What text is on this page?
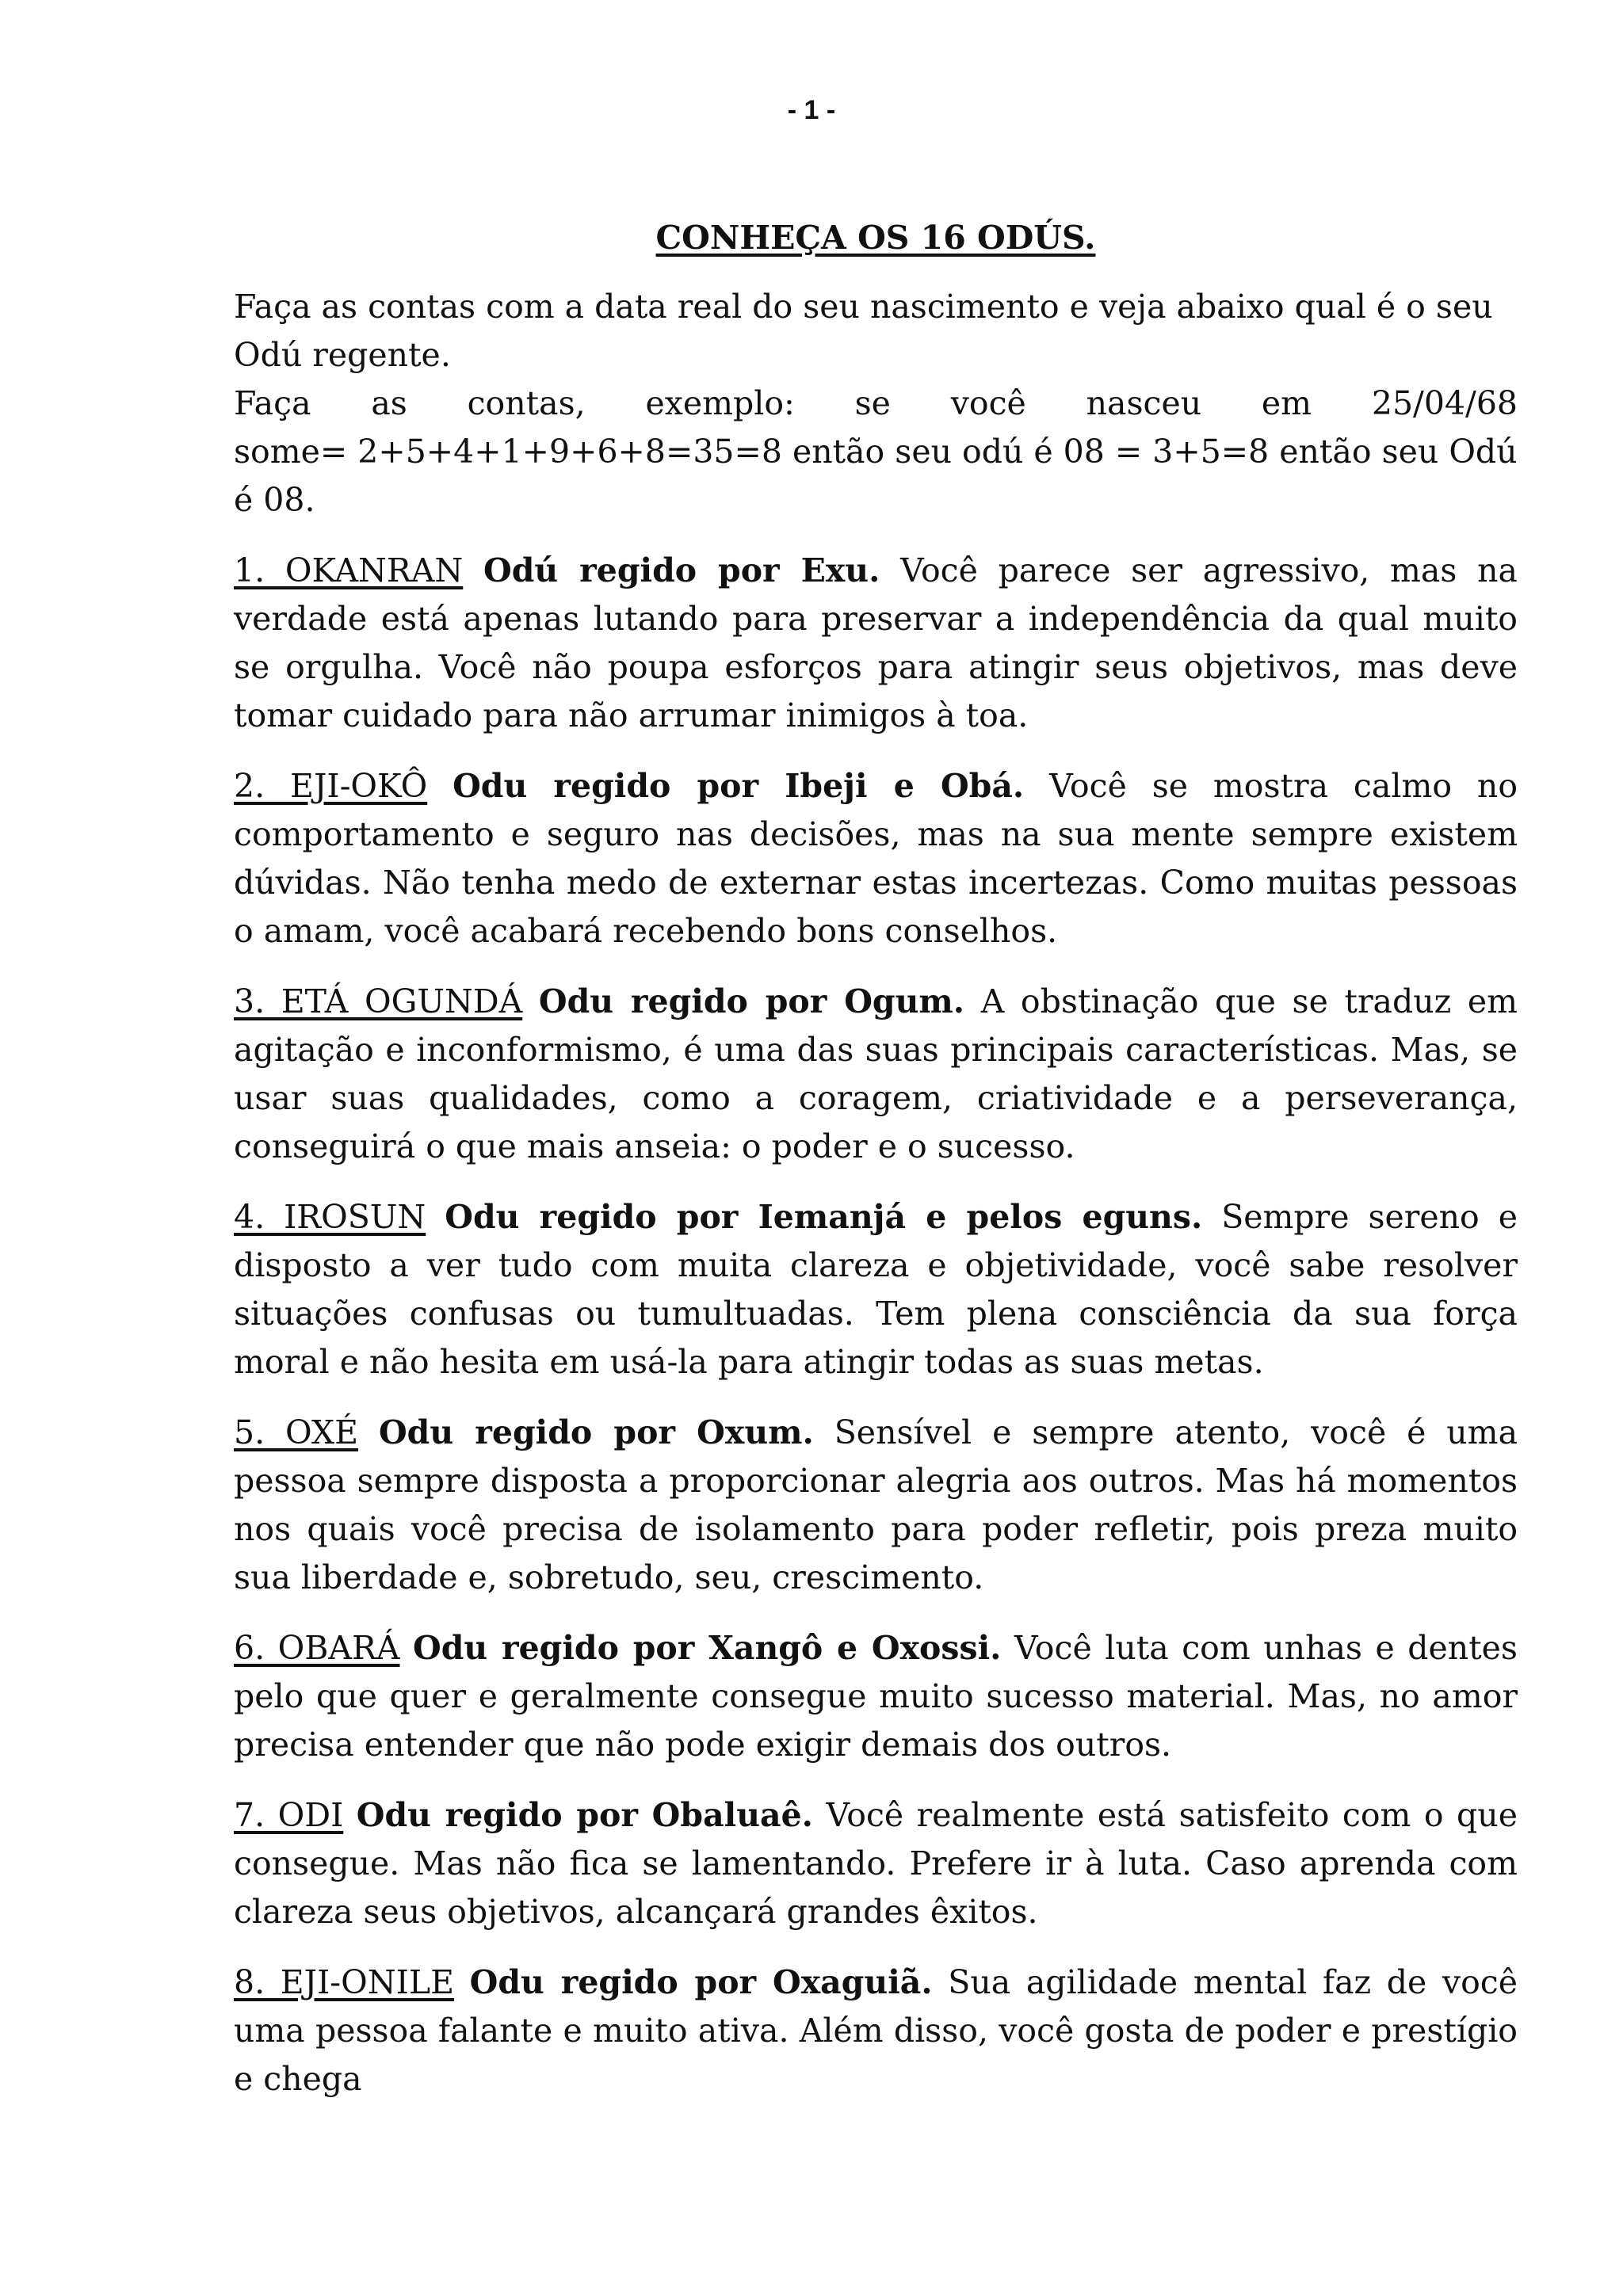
- 1 -
CONHEÇA OS 16 ODÚS.

Faça as contas com a data real do seu nascimento e veja abaixo qual é o seu Odú regente.

Faça as contas, exemplo: se você nasceu em 25/04/68

some= 2+5+4+1+9+6+8=35=8 então seu odú é 08 = 3+5=8 então seu Odú é 08.

1. OKANRAN Odú regido por Exu. Você parece ser agressivo, mas na verdade está apenas lutando para preservar a independência da qual muito se orgulha. Você não poupa esforços para atingir seus objetivos, mas deve tomar cuidado para não arrumar inimigos à toa.

2. EJI-OKÔ Odu regido por Ibeji e Obá. Você se mostra calmo no comportamento e seguro nas decisões, mas na sua mente sempre existem dúvidas. Não tenha medo de externar estas incertezas. Como muitas pessoas o amam, você acabará recebendo bons conselhos.

3. ETÁ OGUNDÁ Odu regido por Ogum. A obstinação que se traduz em agitação e inconformismo, é uma das suas principais características. Mas, se usar suas qualidades, como a coragem, criatividade e a perseverança, conseguirá o que mais anseia: o poder e o sucesso.

4. IROSUN Odu regido por Iemanjá e pelos eguns. Sempre sereno e disposto a ver tudo com muita clareza e objetividade, você sabe resolver situações confusas ou tumultuadas. Tem plena consciência da sua força moral e não hesita em usá-la para atingir todas as suas metas.

5. OXÉ Odu regido por Oxum. Sensível e sempre atento, você é uma pessoa sempre disposta a proporcionar alegria aos outros. Mas há momentos nos quais você precisa de isolamento para poder refletir, pois preza muito sua liberdade e, sobretudo, seu, crescimento.

6. OBARÁ Odu regido por Xangô e Oxossi. Você luta com unhas e dentes pelo que quer e geralmente consegue muito sucesso material. Mas, no amor precisa entender que não pode exigir demais dos outros.

7. ODI Odu regido por Obaluaê. Você realmente está satisfeito com o que consegue. Mas não fica se lamentando. Prefere ir à luta. Caso aprenda com clareza seus objetivos, alcançará grandes êxitos.

8. EJI-ONILE Odu regido por Oxaguiã. Sua agilidade mental faz de você uma pessoa falante e muito ativa. Além disso, você gosta de poder e prestígio e chega
